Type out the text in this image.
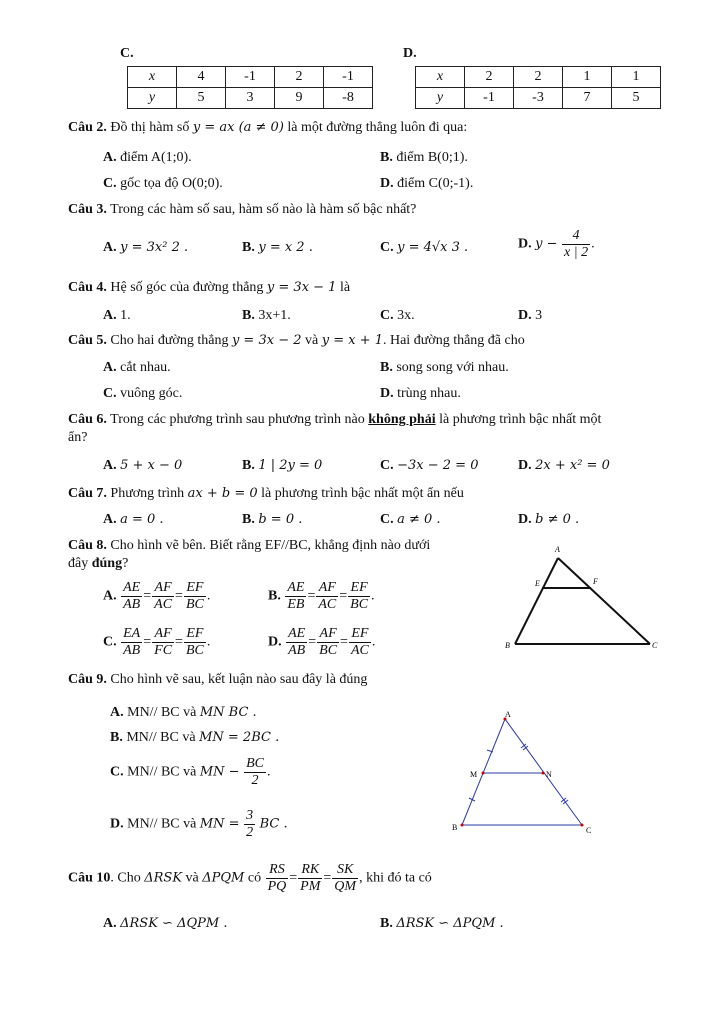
C.
x	4	-1	2	-1
y	5	3	9	-8
D.
x	2	2	1	1
y	-1	-3	7	5
Câu 2. Đồ thị hàm số y = ax (a ≠ 0) là một đường thẳng luôn đi qua:
A. điểm A(1;0).	B. điểm B(0;1).
C. gốc tọa độ O(0;0).	D. điểm C(0;-1).
Câu 3. Trong các hàm số sau, hàm số nào là hàm số bậc nhất?
A. y = 3x² 2 .	B. y = x 2 .	C. y = 4√x 3 .	D. $y - \frac{4}{x | 2}$ .
Câu 4. Hệ số góc của đường thẳng y = 3x − 1 là
A. 1.	B. 3x+1.	C. 3x.	D. 3
Câu 5. Cho hai đường thẳng y = 3x − 2 và y = x + 1. Hai đường thẳng đã cho
A. cắt nhau.	B. song song với nhau.
C. vuông góc.	D. trùng nhau.
Câu 6. Trong các phương trình sau phương trình nào không phải là phương trình bậc nhất một
ẩn?
A. 5 + x − 0	B. 1 | 2y = 0	C. −3x − 2 = 0	D. 2x + x² = 0
Câu 7. Phương trình ax + b = 0 là phương trình bậc nhất một ẩn nếu
A. a = 0 .	B. b = 0 .	C. a ≠ 0 .	D. b ≠ 0 .
Câu 8. Cho hình vẽ bên. Biết rằng EF//BC, khẳng định nào dưới
đây đúng?
A. $\frac{AE}{AB} = \frac{AF}{AC} = \frac{EF}{BC}$ .	B. $\frac{AE}{EB} = \frac{AF}{AC} = \frac{EF}{BC}$ .
C. $\frac{EA}{AB} = \frac{AF}{FC} = \frac{EF}{BC}$ .	D. $\frac{AE}{AB} = \frac{AF}{BC} = \frac{EF}{AC}$ .
A
E	F
B	C
Câu 9. Cho hình vẽ sau, kết luận nào sau đây là đúng
A. MN// BC và MN BC .
B. MN// BC và MN = 2BC .
C. MN// BC và MN − $\frac{BC}{2}$ .
D. MN// BC và MN = $\frac{3}{2}$ BC .
A
M	N
B	C
Câu 10. Cho ΔRSK và ΔPQM có $\frac{RS}{PQ} = \frac{RK}{PM} = \frac{SK}{QM}$ , khi đó ta có
A. ΔRSK ∽ ΔQPM .	B. ΔRSK ∽ ΔPQM .
